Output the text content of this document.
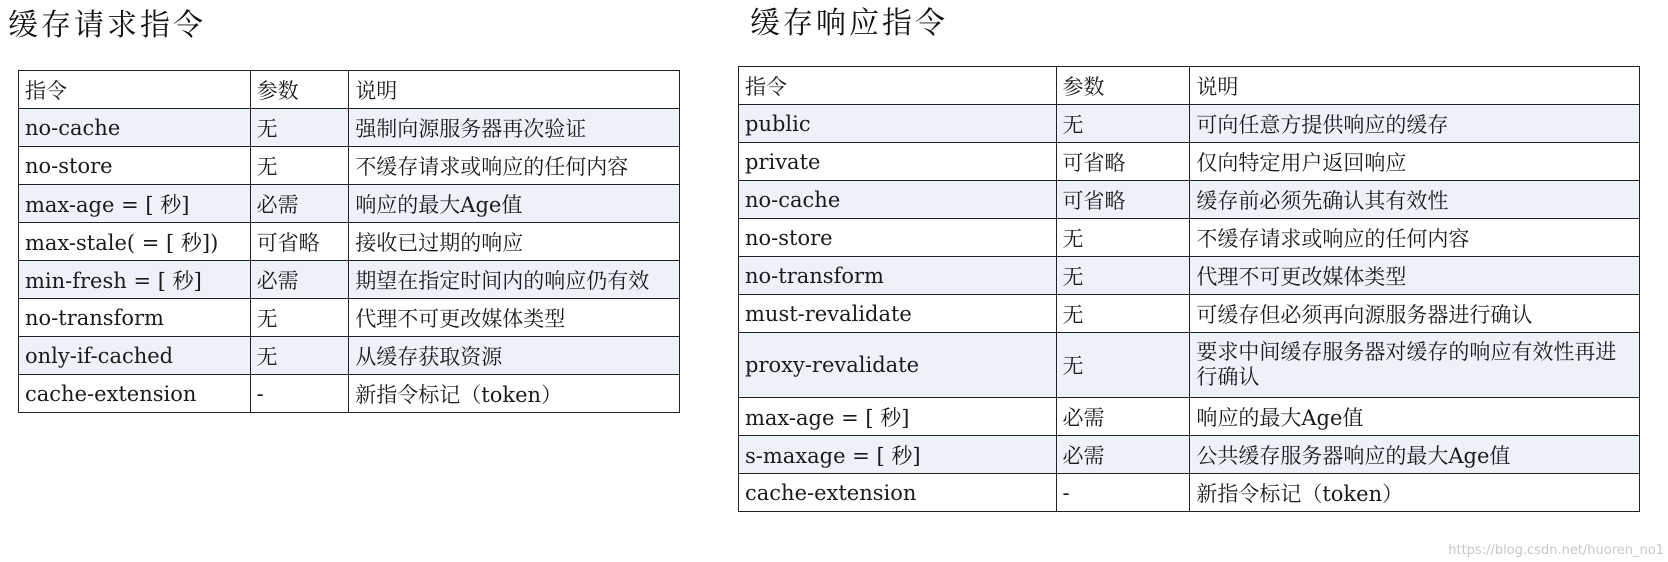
缓存请求指令
指令	参数	说明
no-cache	无	强制向源服务器再次验证
no-store	无	不缓存请求或响应的任何内容
max-age = [ 秒]	必需	响应的最大Age值
max-stale( = [ 秒])	可省略	接收已过期的响应
min-fresh = [ 秒]	必需	期望在指定时间内的响应仍有效
no-transform	无	代理不可更改媒体类型
only-if-cached	无	从缓存获取资源
cache-extension	-	新指令标记（token）
缓存响应指令
指令	参数	说明
public	无	可向任意方提供响应的缓存
private	可省略	仅向特定用户返回响应
no-cache	可省略	缓存前必须先确认其有效性
no-store	无	不缓存请求或响应的任何内容
no-transform	无	代理不可更改媒体类型
must-revalidate	无	可缓存但必须再向源服务器进行确认
proxy-revalidate	无	要求中间缓存服务器对缓存的响应有效性再进行确认
max-age = [ 秒]	必需	响应的最大Age值
s-maxage = [ 秒]	必需	公共缓存服务器响应的最大Age值
cache-extension	-	新指令标记（token）
https://blog.csdn.net/huoren_no1
